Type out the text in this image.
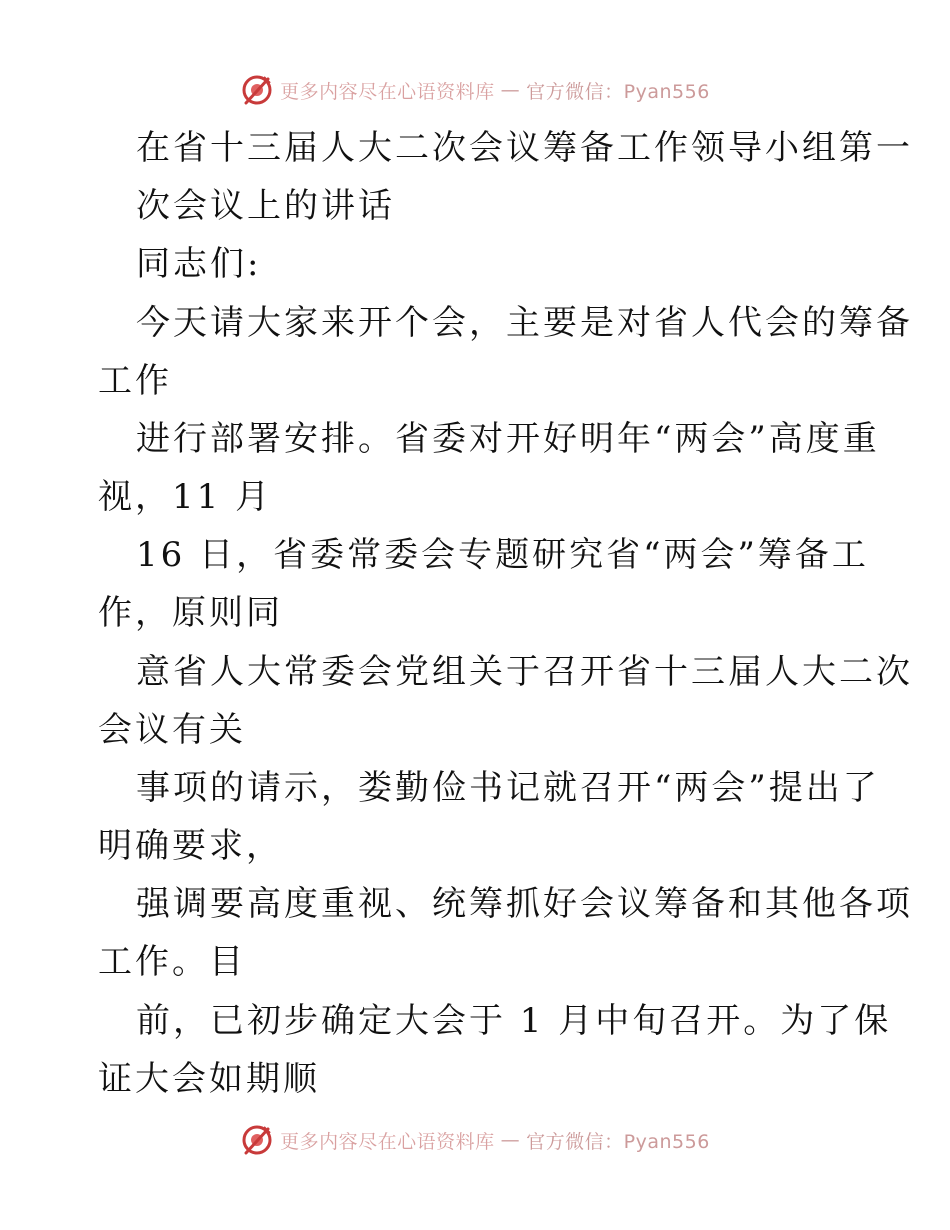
更多内容尽在心语资料库 — 官方微信：Pyan556
在省十三届人大二次会议筹备工作领导小组第一
次会议上的讲话
同志们:
今天请大家来开个会，主要是对省人代会的筹备
工作
进行部署安排。省委对开好明年“两会”高度重
视，11 月
16 日，省委常委会专题研究省“两会”筹备工
作，原则同
意省人大常委会党组关于召开省十三届人大二次
会议有关
事项的请示，娄勤俭书记就召开“两会”提出了
明确要求，
强调要高度重视、统筹抓好会议筹备和其他各项
工作。目
前，已初步确定大会于 1 月中旬召开。为了保
证大会如期顺
更多内容尽在心语资料库 — 官方微信：Pyan556
